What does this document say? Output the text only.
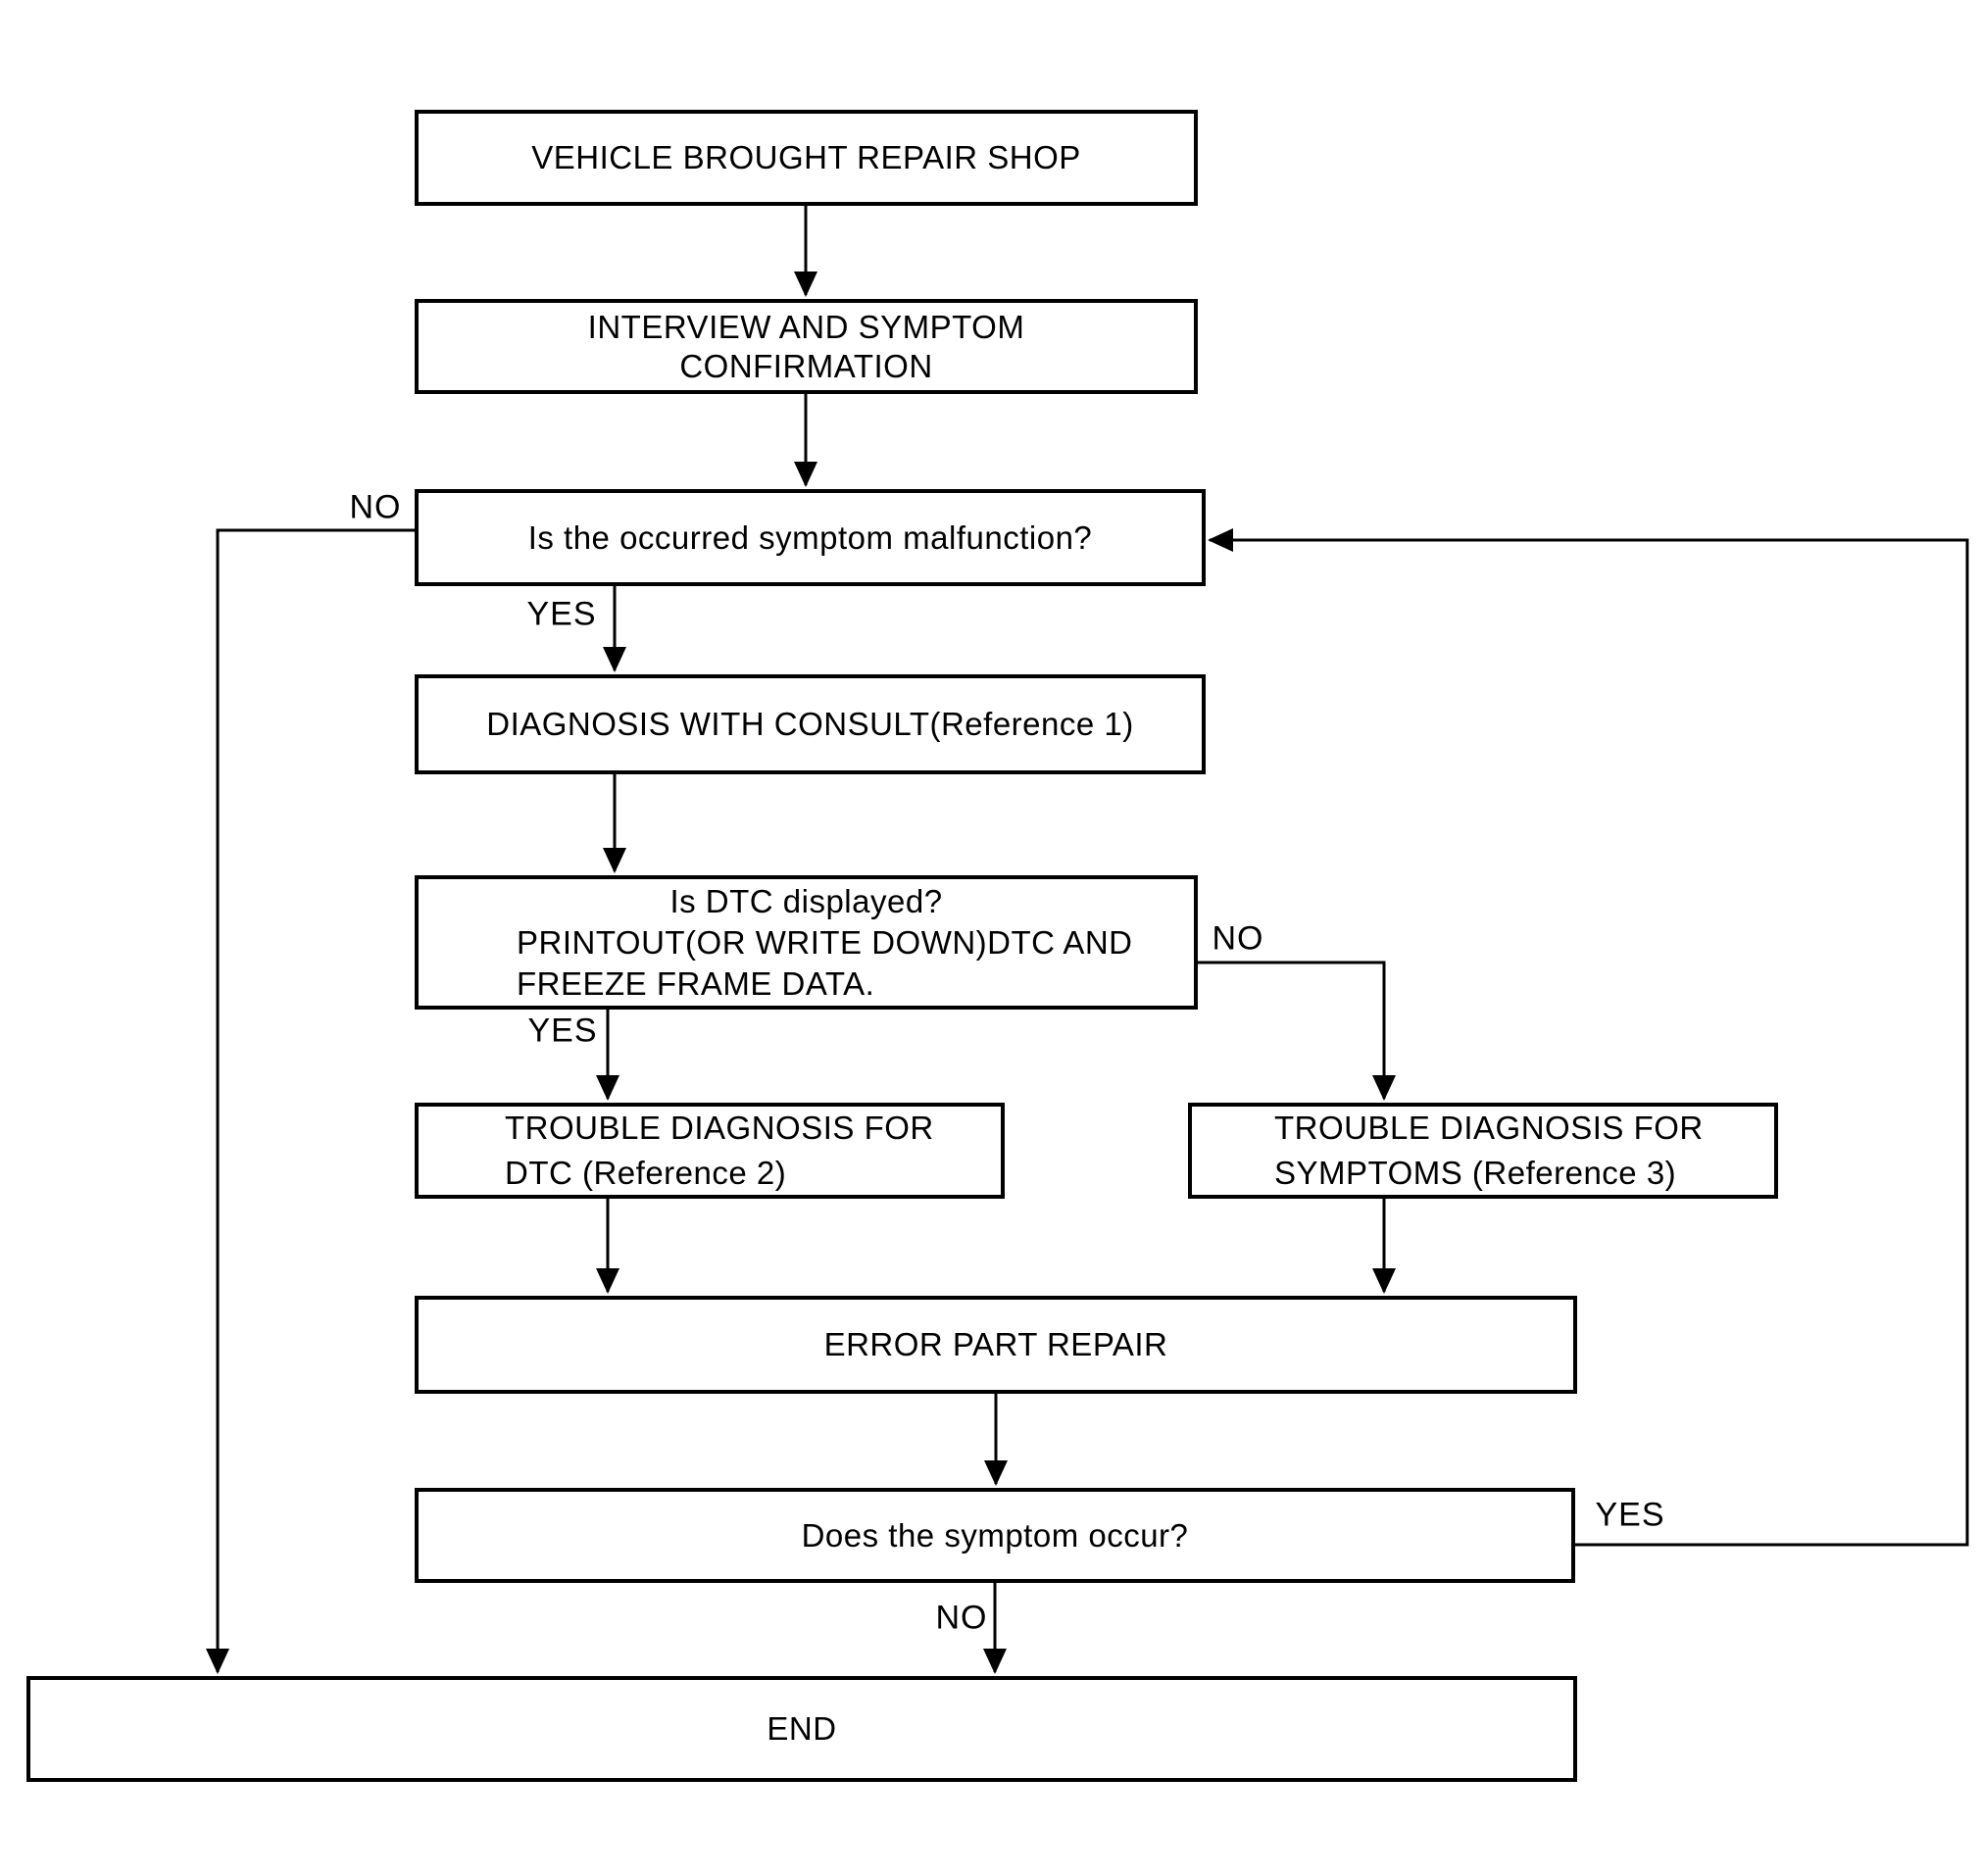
VEHICLE BROUGHT REPAIR SHOP
INTERVIEW AND SYMPTOM
CONFIRMATION
Is the occurred symptom malfunction?
DIAGNOSIS WITH CONSULT(Reference 1)
Is DTC displayed?
PRINTOUT(OR WRITE DOWN)DTC AND
FREEZE FRAME DATA.
TROUBLE DIAGNOSIS FOR
DTC (Reference 2)
TROUBLE DIAGNOSIS FOR
SYMPTOMS (Reference 3)
ERROR PART REPAIR
Does the symptom occur?
END
NO
YES
YES
NO
YES
NO
